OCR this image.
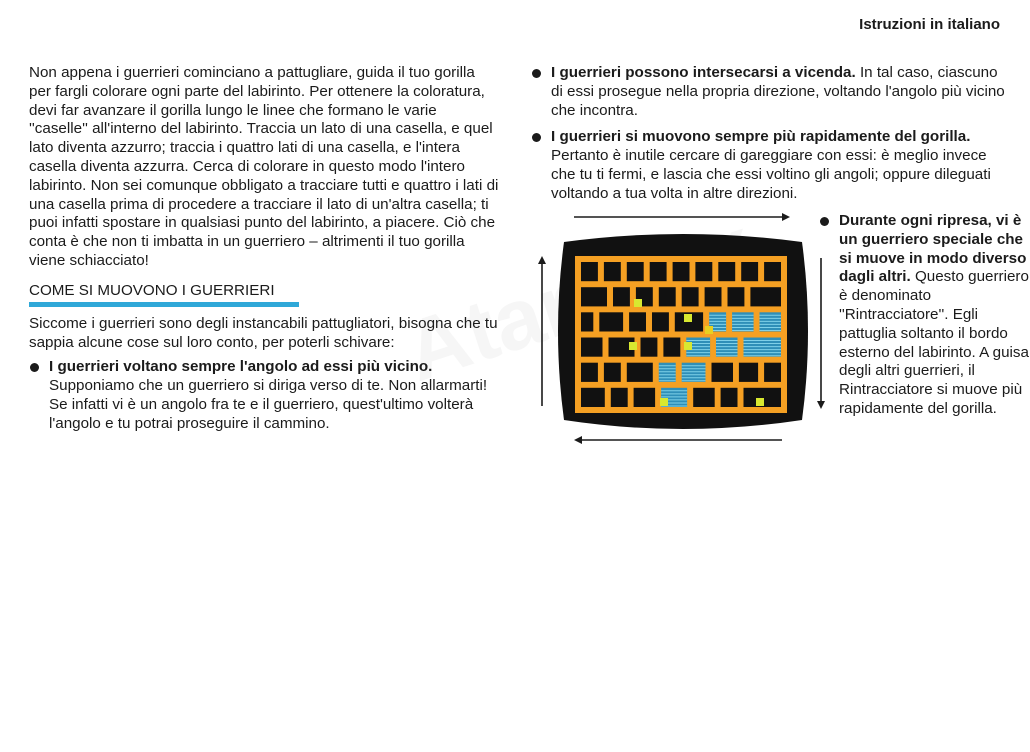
Istruzioni in italiano

Non appena i guerrieri cominciano a pattugliare, guida il tuo gorilla per fargli colorare ogni parte del labirinto. Per ottenere la coloratura, devi far avanzare il gorilla lungo le linee che formano le varie ''caselle'' all'interno del labirinto. Traccia un lato di una casella, e quel lato diventa azzurro; traccia i quattro lati di una casella, e l'intera casella diventa azzurra. Cerca di colorare in questo modo l'intero labirinto. Non sei comunque obbligato a tracciare tutti e quattro i lati di una casella prima di procedere a tracciare il lato di un'altra casella; ti puoi infatti spostare in qualsiasi punto del labirinto, a piacere. Ciò che conta è che non ti imbatta in un guerriero – altrimenti il tuo gorilla viene schiacciato!

COME SI MUOVONO I GUERRIERI

Siccome i guerrieri sono degli instancabili pattugliatori, bisogna che tu sappia alcune cose sul loro conto, per poterli schivare:

I guerrieri voltano sempre l'angolo ad essi più vicino. Supponiamo che un guerriero si diriga verso di te. Non allarmarti! Se infatti vi è un angolo fra te e il guerriero, quest'ultimo volterà l'angolo e tu potrai proseguire il cammino.
I guerrieri possono intersecarsi a vicenda. In tal caso, ciascuno di essi prosegue nella propria direzione, voltando l'angolo più vicino che incontra.
I guerrieri si muovono sempre più rapidamente del gorilla. Pertanto è inutile cercare di gareggiare con essi: è meglio invece che tu ti fermi, e lascia che essi voltino gli angoli; oppure dileguati voltando a tua volta in altre direzioni.
Durante ogni ripresa, vi è un guerriero speciale che si muove in modo diverso dagli altri. Questo guerriero è denominato ''Rintracciatore''. Egli pattuglia soltanto il bordo esterno del labirinto. A guisa degli altri guerrieri, il Rintracciatore si muove più rapidamente del gorilla.
